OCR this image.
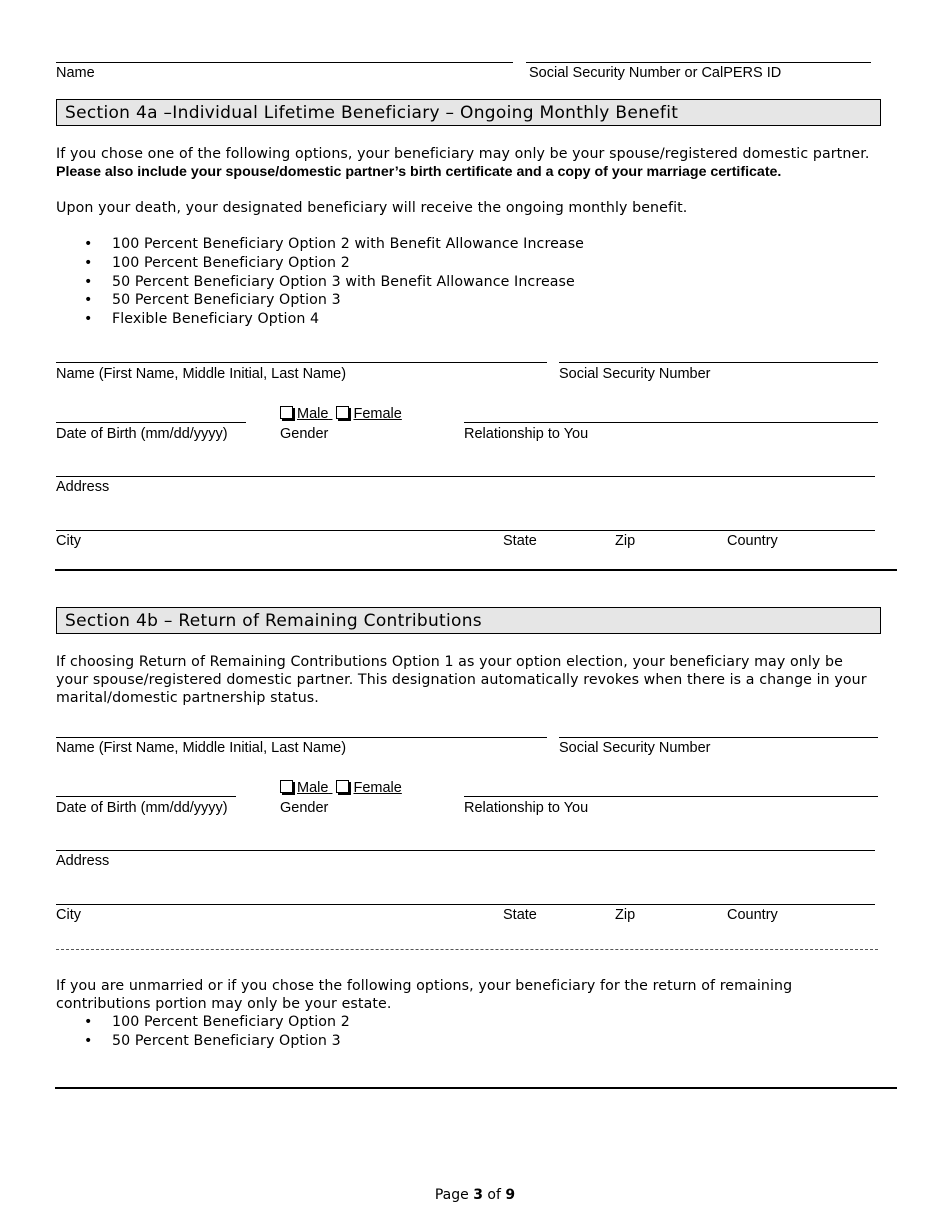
Name	Social Security Number or CalPERS ID
Section 4a –Individual Lifetime Beneficiary – Ongoing Monthly Benefit
If you chose one of the following options, your beneficiary may only be your spouse/registered domestic partner.
Please also include your spouse/domestic partner’s birth certificate and a copy of your marriage certificate.
Upon your death, your designated beneficiary will receive the ongoing monthly benefit.
• 100 Percent Beneficiary Option 2 with Benefit Allowance Increase
• 100 Percent Beneficiary Option 2
• 50 Percent Beneficiary Option 3 with Benefit Allowance Increase
• 50 Percent Beneficiary Option 3
• Flexible Beneficiary Option 4
Name (First Name, Middle Initial, Last Name)	Social Security Number
Male Female
Date of Birth (mm/dd/yyyy)	Gender	Relationship to You
Address
City	State	Zip	Country
Section 4b – Return of Remaining Contributions
If choosing Return of Remaining Contributions Option 1 as your option election, your beneficiary may only be
your spouse/registered domestic partner. This designation automatically revokes when there is a change in your
marital/domestic partnership status.
Name (First Name, Middle Initial, Last Name)	Social Security Number
Male Female
Date of Birth (mm/dd/yyyy)	Gender	Relationship to You
Address
City	State	Zip	Country
If you are unmarried or if you chose the following options, your beneficiary for the return of remaining
contributions portion may only be your estate.
• 100 Percent Beneficiary Option 2
• 50 Percent Beneficiary Option 3
Page 3 of 9
